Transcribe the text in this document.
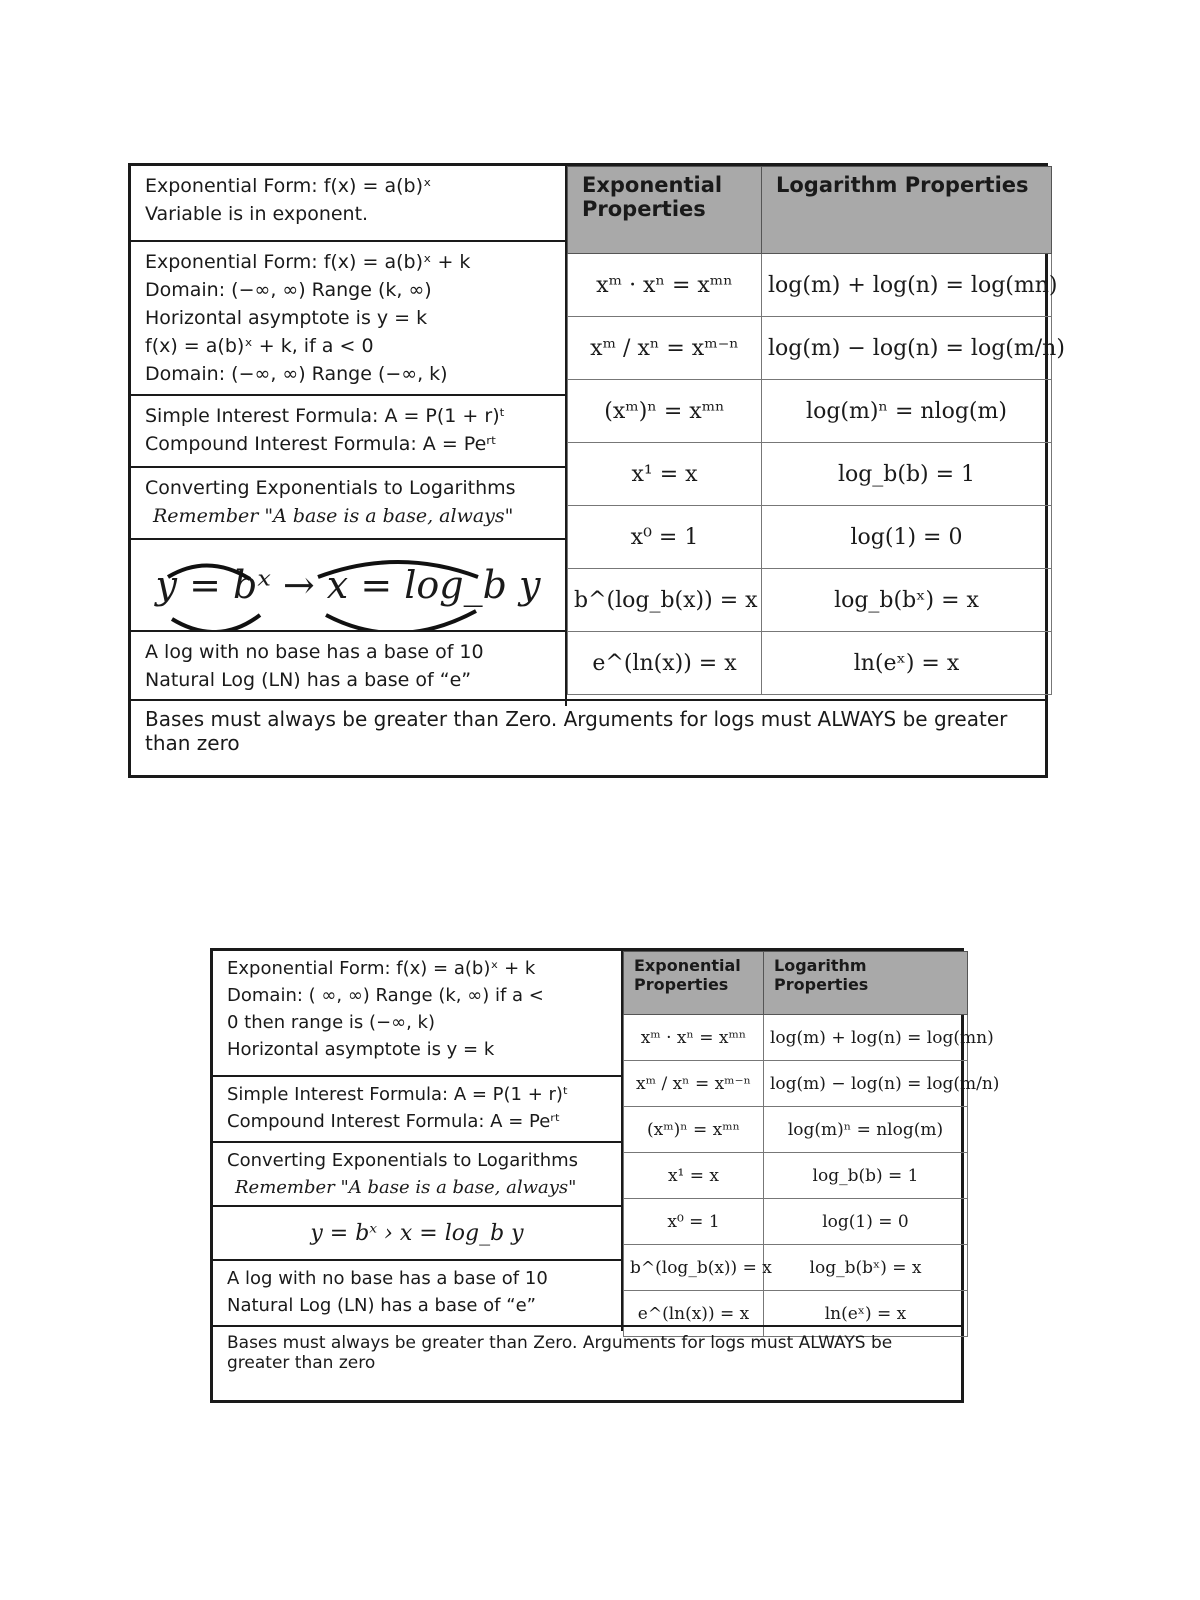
Exponential Form: f(x) = a(b)ˣ
Variable is in exponent.
Exponential Form: f(x) = a(b)ˣ + k
Domain: (−∞, ∞) Range (k, ∞)
Horizontal asymptote is y = k
f(x) = a(b)ˣ + k, if a < 0
Domain: (−∞, ∞) Range (−∞, k)
Simple Interest Formula: A = P(1 + r)ᵗ
Compound Interest Formula: A = Peʳᵗ
Converting Exponentials to Logarithms
Remember "A base is a base, always"
y = bˣ → x = log_b y
A log with no base has a base of 10
Natural Log (LN) has a base of “e”
Exponential Properties	Logarithm Properties
xᵐ · xⁿ = xᵐⁿ	log(m) + log(n) = log(mn)
xᵐ / xⁿ = xᵐ⁻ⁿ	log(m) − log(n) = log(m/n)
(xᵐ)ⁿ = xᵐⁿ	log(m)ⁿ = nlog(m)
x¹ = x	log_b(b) = 1
x⁰ = 1	log(1) = 0
b^(log_b(x)) = x	log_b(bˣ) = x
e^(ln(x)) = x	ln(eˣ) = x
Bases must always be greater than Zero. Arguments for logs must ALWAYS be greater than zero
Exponential Form: f(x) = a(b)ˣ + k
Domain: ( ∞, ∞) Range (k, ∞) if a <
0 then range is (−∞, k)
Horizontal asymptote is y = k
Simple Interest Formula: A = P(1 + r)ᵗ
Compound Interest Formula: A = Peʳᵗ
Converting Exponentials to Logarithms
Remember "A base is a base, always"
y = bˣ › x = log_b y
A log with no base has a base of 10
Natural Log (LN) has a base of “e”
Exponential Properties	Logarithm Properties
xᵐ · xⁿ = xᵐⁿ	log(m) + log(n) = log(mn)
xᵐ / xⁿ = xᵐ⁻ⁿ	log(m) − log(n) = log(m/n)
(xᵐ)ⁿ = xᵐⁿ	log(m)ⁿ = nlog(m)
x¹ = x	log_b(b) = 1
x⁰ = 1	log(1) = 0
b^(log_b(x)) = x	log_b(bˣ) = x
e^(ln(x)) = x	ln(eˣ) = x
Bases must always be greater than Zero. Arguments for logs must ALWAYS be greater than zero
